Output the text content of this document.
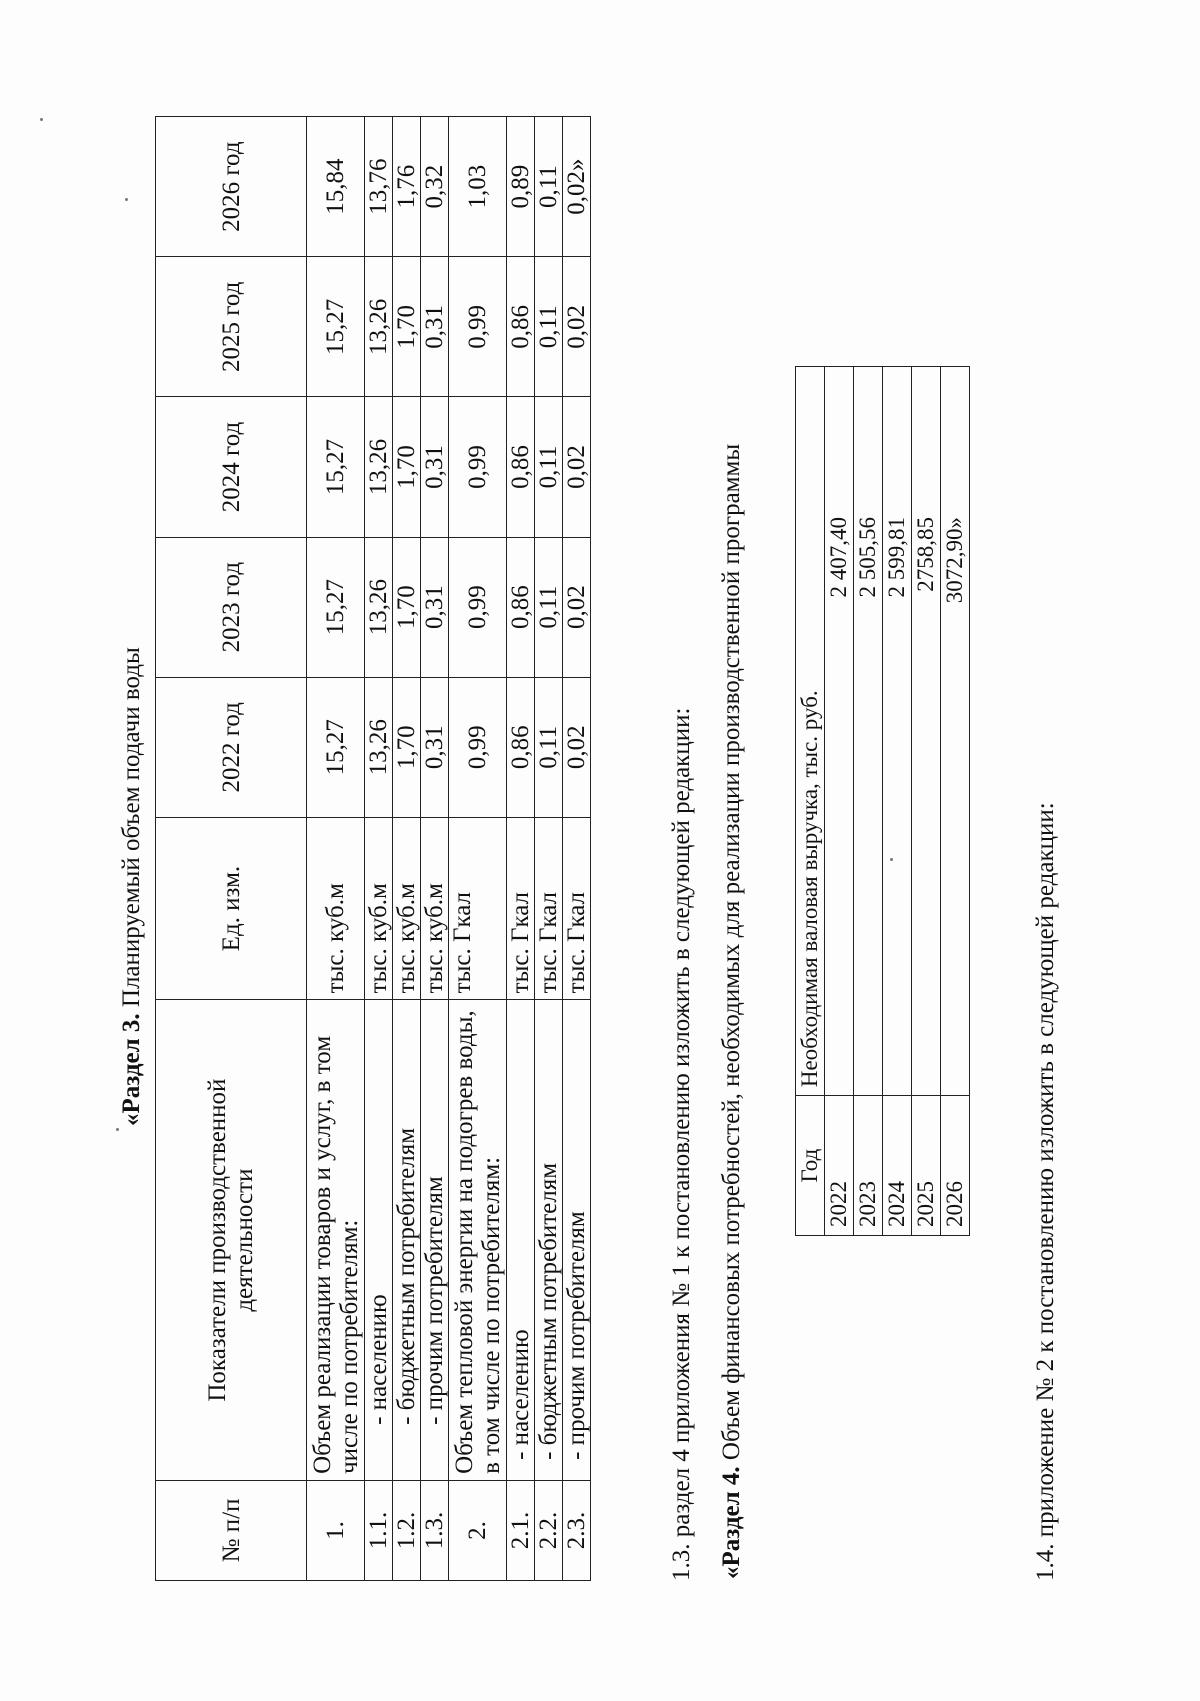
«Раздел 3. Планируемый объем подачи воды
№ п/п	Показатели производственной деятельности	Ед. изм.	2022 год	2023 год	2024 год	2025 год	2026 год
1.	Объем реализации товаров и услуг, в том числе по потребителям:	тыс. куб.м	15,27	15,27	15,27	15,27	15,84
1.1.	- населению	тыс. куб.м	13,26	13,26	13,26	13,26	13,76
1.2.	- бюджетным потребителям	тыс. куб.м	1,70	1,70	1,70	1,70	1,76
1.3.	- прочим потребителям	тыс. куб.м	0,31	0,31	0,31	0,31	0,32
2.	Объем тепловой энергии на подогрев воды, в том числе по потребителям:	тыс. Гкал	0,99	0,99	0,99	0,99	1,03
2.1.	- населению	тыс. Гкал	0,86	0,86	0,86	0,86	0,89
2.2.	- бюджетным потребителям	тыс. Гкал	0,11	0,11	0,11	0,11	0,11
2.3.	- прочим потребителям	тыс. Гкал	0,02	0,02	0,02	0,02	0,02»
1.3. раздел 4 приложения № 1 к постановлению изложить в следующей редакции: «Раздел 4. Объем финансовых потребностей, необходимых для реализации производственной программы Год	Необходимая валовая выручка, тыс. руб.
2022	2 407,40
2023	2 505,56
2024	2 599,81
2025	2758,85
2026	3072,90»
1.4. приложение № 2 к постановлению изложить в следующей редакции:
